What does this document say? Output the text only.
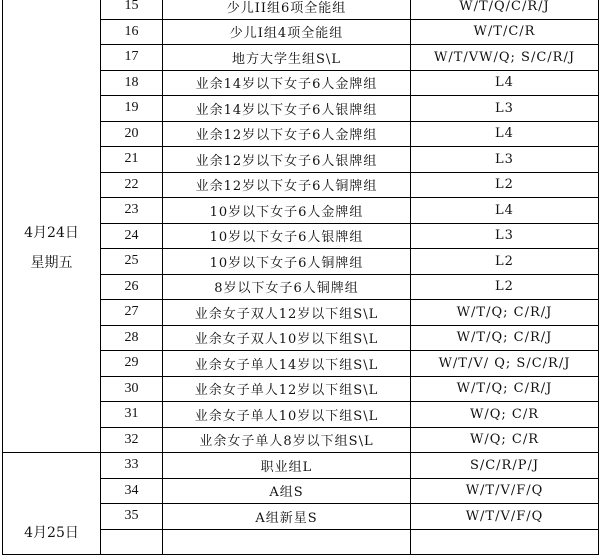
4月24日
星期五	15	少儿II组6项全能组	W/T/Q/C/R/J
	16	少儿I组4项全能组	W/T/C/R
	17	地方大学生组S\L	W/T/VW/Q; S/C/R/J
	18	业余14岁以下女子6人金牌组	L4
	19	业余14岁以下女子6人银牌组	L3
	20	业余12岁以下女子6人金牌组	L4
	21	业余12岁以下女子6人银牌组	L3
	22	业余12岁以下女子6人铜牌组	L2
	23	10岁以下女子6人金牌组	L4
	24	10岁以下女子6人银牌组	L3
	25	10岁以下女子6人铜牌组	L2
	26	8岁以下女子6人铜牌组	L2
	27	业余女子双人12岁以下组S\L	W/T/Q; C/R/J
	28	业余女子双人10岁以下组S\L	W/T/Q; C/R/J
	29	业余女子单人14岁以下组S\L	W/T/V/ Q; S/C/R/J
	30	业余女子单人12岁以下组S\L	W/T/Q; C/R/J
	31	业余女子单人10岁以下组S\L	W/Q; C/R
	32	业余女子单人8岁以下组S\L	W/Q; C/R

4月25日	33	职业组L	S/C/R/P/J
	34	A组S	W/T/V/F/Q
	35	A组新星S	W/T/V/F/Q
